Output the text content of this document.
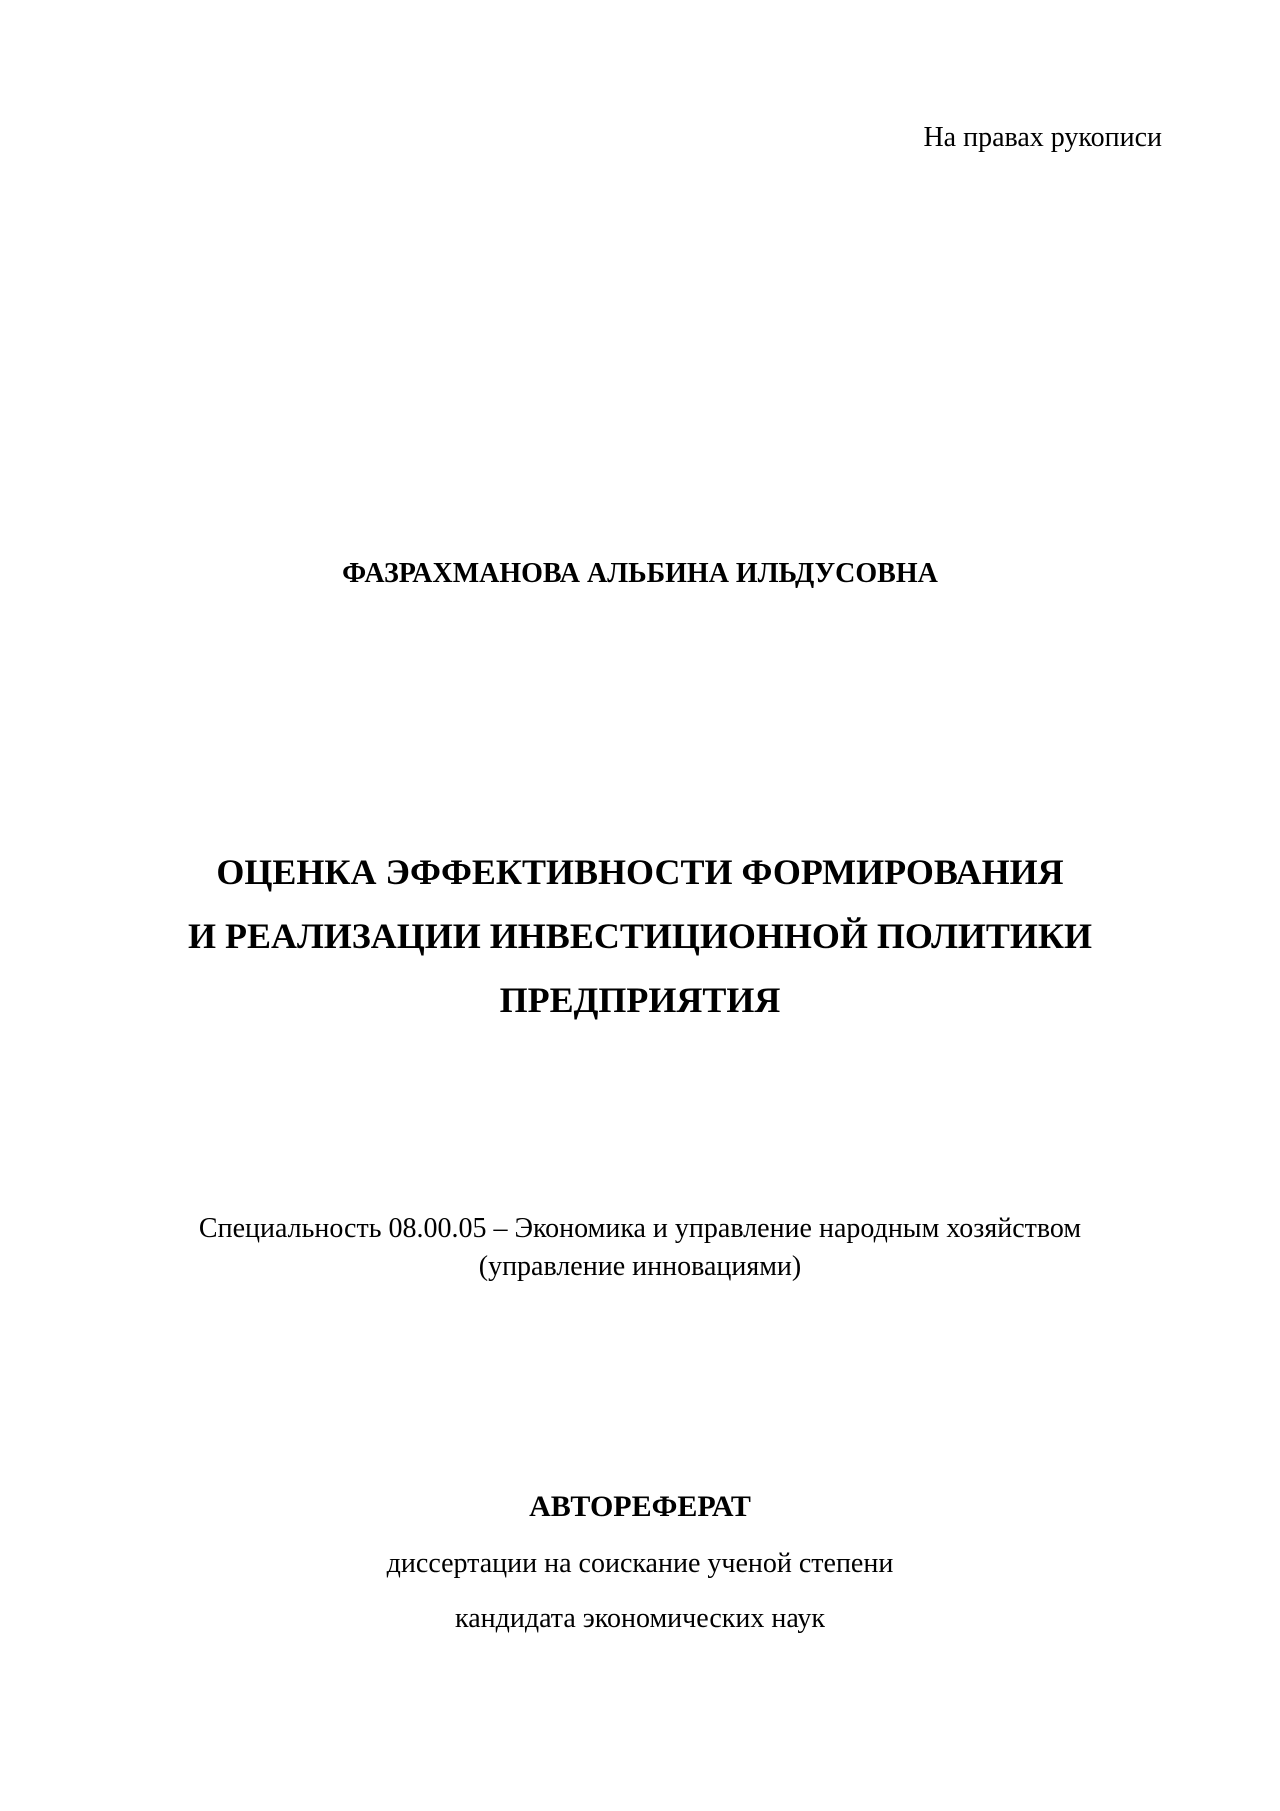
На правах рукописи

ФАЗРАХМАНОВА АЛЬБИНА ИЛЬДУСОВНА

ОЦЕНКА ЭФФЕКТИВНОСТИ ФОРМИРОВАНИЯ

И РЕАЛИЗАЦИИ ИНВЕСТИЦИОННОЙ ПОЛИТИКИ

ПРЕДПРИЯТИЯ

Специальность 08.00.05 – Экономика и управление народным хозяйством

(управление инновациями)

АВТОРЕФЕРАТ

диссертации на соискание ученой степени

кандидата экономических наук
